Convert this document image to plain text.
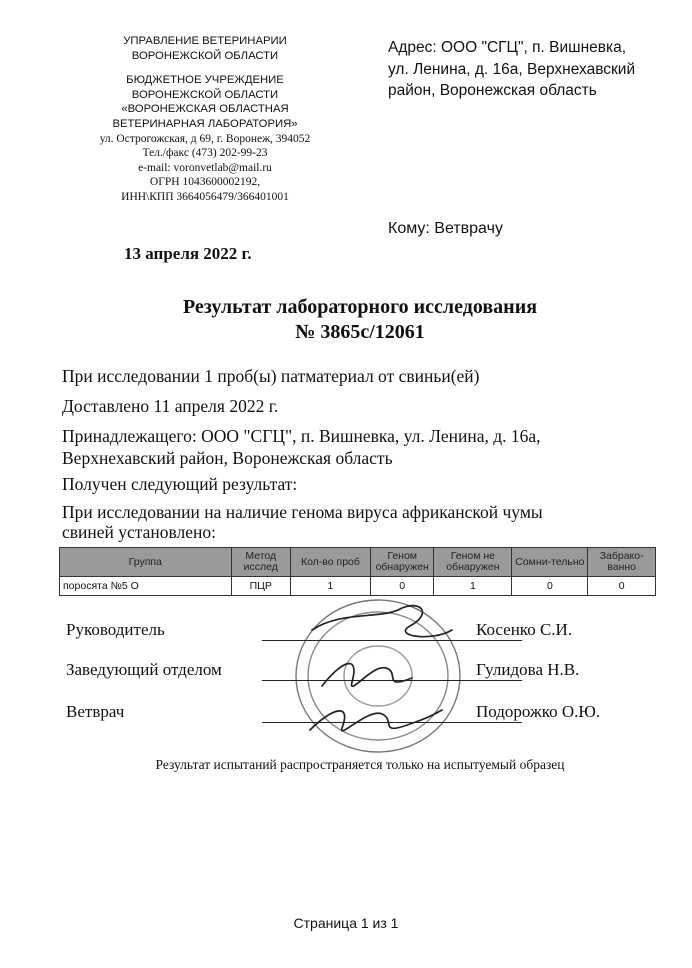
УПРАВЛЕНИЕ ВЕТЕРИНАРИИ
ВОРОНЕЖСКОЙ ОБЛАСТИ
БЮДЖЕТНОЕ УЧРЕЖДЕНИЕ
ВОРОНЕЖСКОЙ ОБЛАСТИ
«ВОРОНЕЖСКАЯ ОБЛАСТНАЯ
ВЕТЕРИНАРНАЯ ЛАБОРАТОРИЯ»
ул. Острогожская, д 69, г. Воронеж, 394052
Тел./факс (473) 202-99-23
e-mail: voronvetlab@mail.ru
ОГРН 1043600002192,
ИНН\КПП 3664056479/366401001
Адрес: ООО "СГЦ", п. Вишневка,
ул. Ленина, д. 16а, Верхнехавский
район, Воронежская область
Кому: Ветврачу
13 апреля 2022 г.
Результат лабораторного исследования
№ 3865с/12061
При исследовании 1 проб(ы) патматериал от свиньи(ей)
Доставлено 11 апреля 2022 г.
Принадлежащего: ООО "СГЦ", п. Вишневка, ул. Ленина, д. 16а,
Верхнехавский район, Воронежская область
Получен следующий результат:
При исследовании на наличие генома вируса африканской чумы
свиней установлено:
Группа	Метод исслед	Кол-во проб	Геном обнаружен	Геном не обнаружен	Сомни-тельно	Забрако-ванно
поросята №5 О	ПЦР	1	0	1	0	0
Руководитель	Косенко С.И.
Заведующий отделом	Гулидова Н.В.
Ветврач	Подорожко О.Ю.
Результат испытаний распространяется только на испытуемый образец
Страница 1 из 1
